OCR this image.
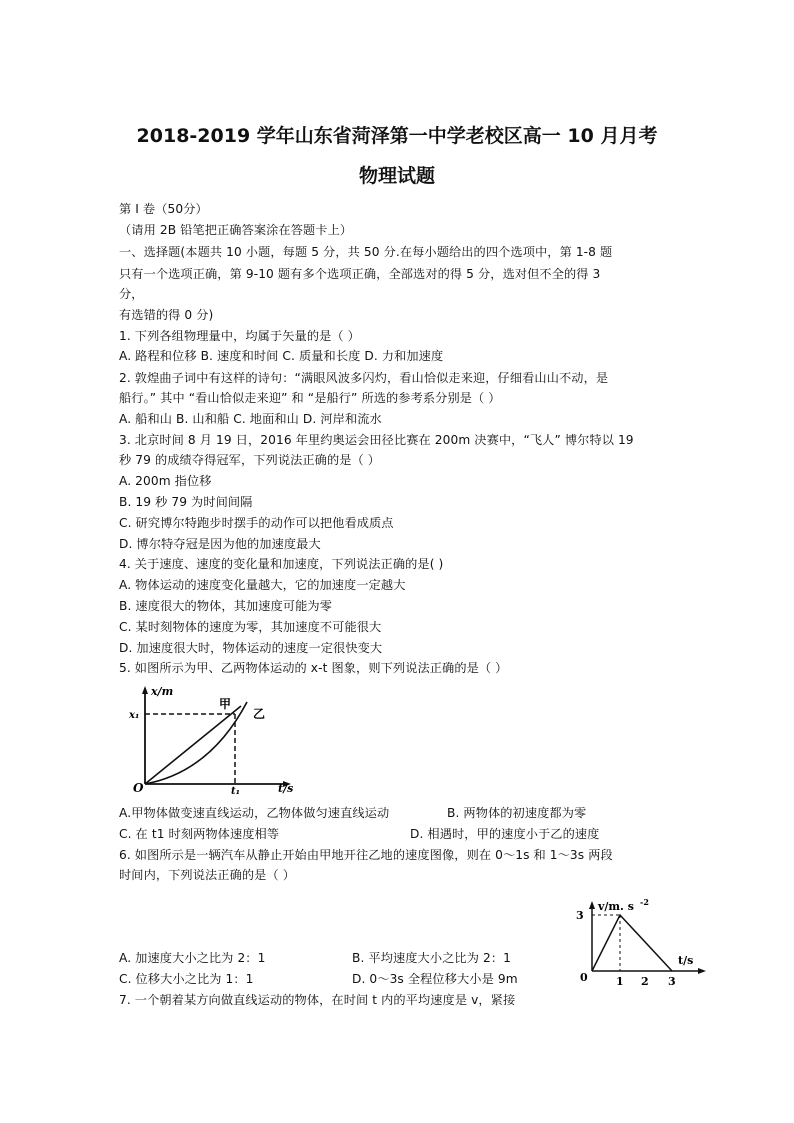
2018-2019 学年山东省菏泽第一中学老校区高一 10 月月考
物理试题
第 I 卷（50分）
（请用 2B 铅笔把正确答案涂在答题卡上）
一、选择题(本题共 10 小题，每题 5 分，共 50 分.在每小题给出的四个选项中，第 1-8 题
只有一个选项正确，第 9-10 题有多个选项正确，全部选对的得 5 分，选对但不全的得 3
分，
有选错的得 0 分)
1. 下列各组物理量中，均属于矢量的是（ ）
A. 路程和位移 B. 速度和时间 C. 质量和长度 D. 力和加速度
2. 敦煌曲子词中有这样的诗句：“满眼风波多闪灼，看山恰似走来迎，仔细看山山不动，是
船行。” 其中 “看山恰似走来迎” 和 “是船行” 所选的参考系分别是（ ）
A. 船和山 B. 山和船 C. 地面和山 D. 河岸和流水
3. 北京时间 8 月 19 日，2016 年里约奥运会田径比赛在 200m 决赛中，“飞人” 博尔特以 19
秒 79 的成绩夺得冠军，下列说法正确的是（ ）
A. 200m 指位移
B. 19 秒 79 为时间间隔
C. 研究博尔特跑步时摆手的动作可以把他看成质点
D. 博尔特夺冠是因为他的加速度最大
4. 关于速度、速度的变化量和加速度，下列说法正确的是( )
A. 物体运动的速度变化量越大，它的加速度一定越大
B. 速度很大的物体，其加速度可能为零
C. 某时刻物体的速度为零，其加速度不可能很大
D. 加速度很大时，物体运动的速度一定很快变大
5. 如图所示为甲、乙两物体运动的 x-t 图象，则下列说法正确的是（ ）
x/m
t/s
O
x₁
t₁
甲
乙
A.甲物体做变速直线运动，乙物体做匀速直线运动	B. 两物体的初速度都为零
C. 在 t1 时刻两物体速度相等	D. 相遇时，甲的速度小于乙的速度
6. 如图所示是一辆汽车从静止开始由甲地开往乙地的速度图像，则在 0～1s 和 1～3s 两段
时间内，下列说法正确的是（ ）
v/m. s -2
t/s
3
0	1 2 3
A. 加速度大小之比为 2：1	B. 平均速度大小之比为 2：1
C. 位移大小之比为 1：1	D. 0～3s 全程位移大小是 9m
7. 一个朝着某方向做直线运动的物体，在时间 t 内的平均速度是 v，紧接
